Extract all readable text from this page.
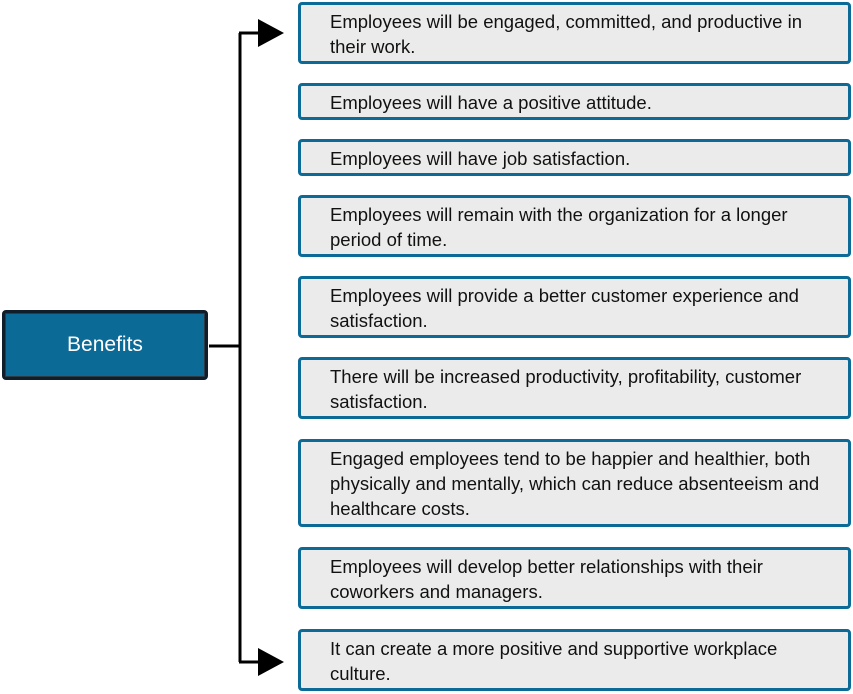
Benefits
Employees will be engaged, committed, and productive in their work.
Employees will have a positive attitude.
Employees will have job satisfaction.
Employees will remain with the organization for a longer period of time.
Employees will provide a better customer experience and satisfaction.
There will be increased productivity, profitability, customer satisfaction.
Engaged employees tend to be happier and healthier, both physically and mentally, which can reduce absenteeism and healthcare costs.
Employees will develop better relationships with their coworkers and managers.
It can create a more positive and supportive workplace culture.
